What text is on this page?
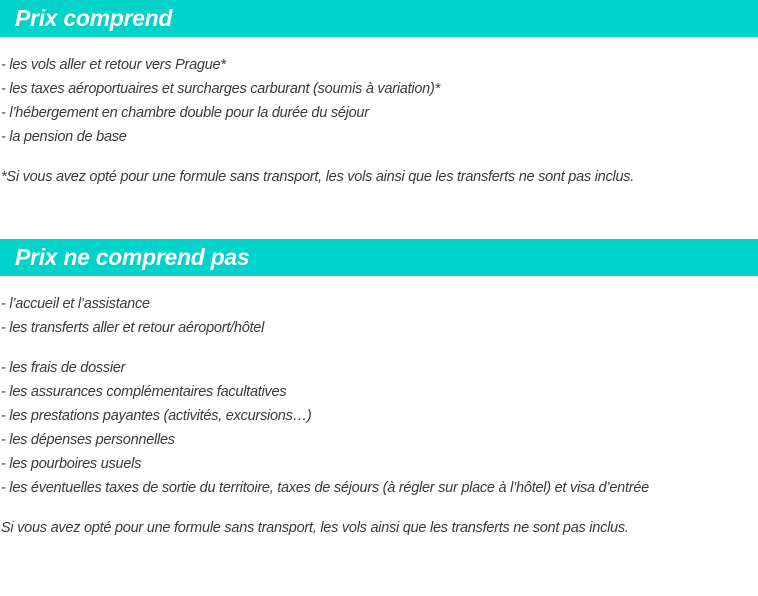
Prix comprend
- les vols aller et retour vers Prague*
- les taxes aéroportuaires et surcharges carburant (soumis à variation)*
- l’hébergement en chambre double pour la durée du séjour
- la pension de base
*Si vous avez opté pour une formule sans transport, les vols ainsi que les transferts ne sont pas inclus.
Prix ne comprend pas
- l’accueil et l’assistance
- les transferts aller et retour aéroport/hôtel
- les frais de dossier
- les assurances complémentaires facultatives
- les prestations payantes (activités, excursions…)
- les dépenses personnelles
- les pourboires usuels
- les éventuelles taxes de sortie du territoire, taxes de séjours (à régler sur place à l’hôtel) et visa d’entrée
Si vous avez opté pour une formule sans transport, les vols ainsi que les transferts ne sont pas inclus.
